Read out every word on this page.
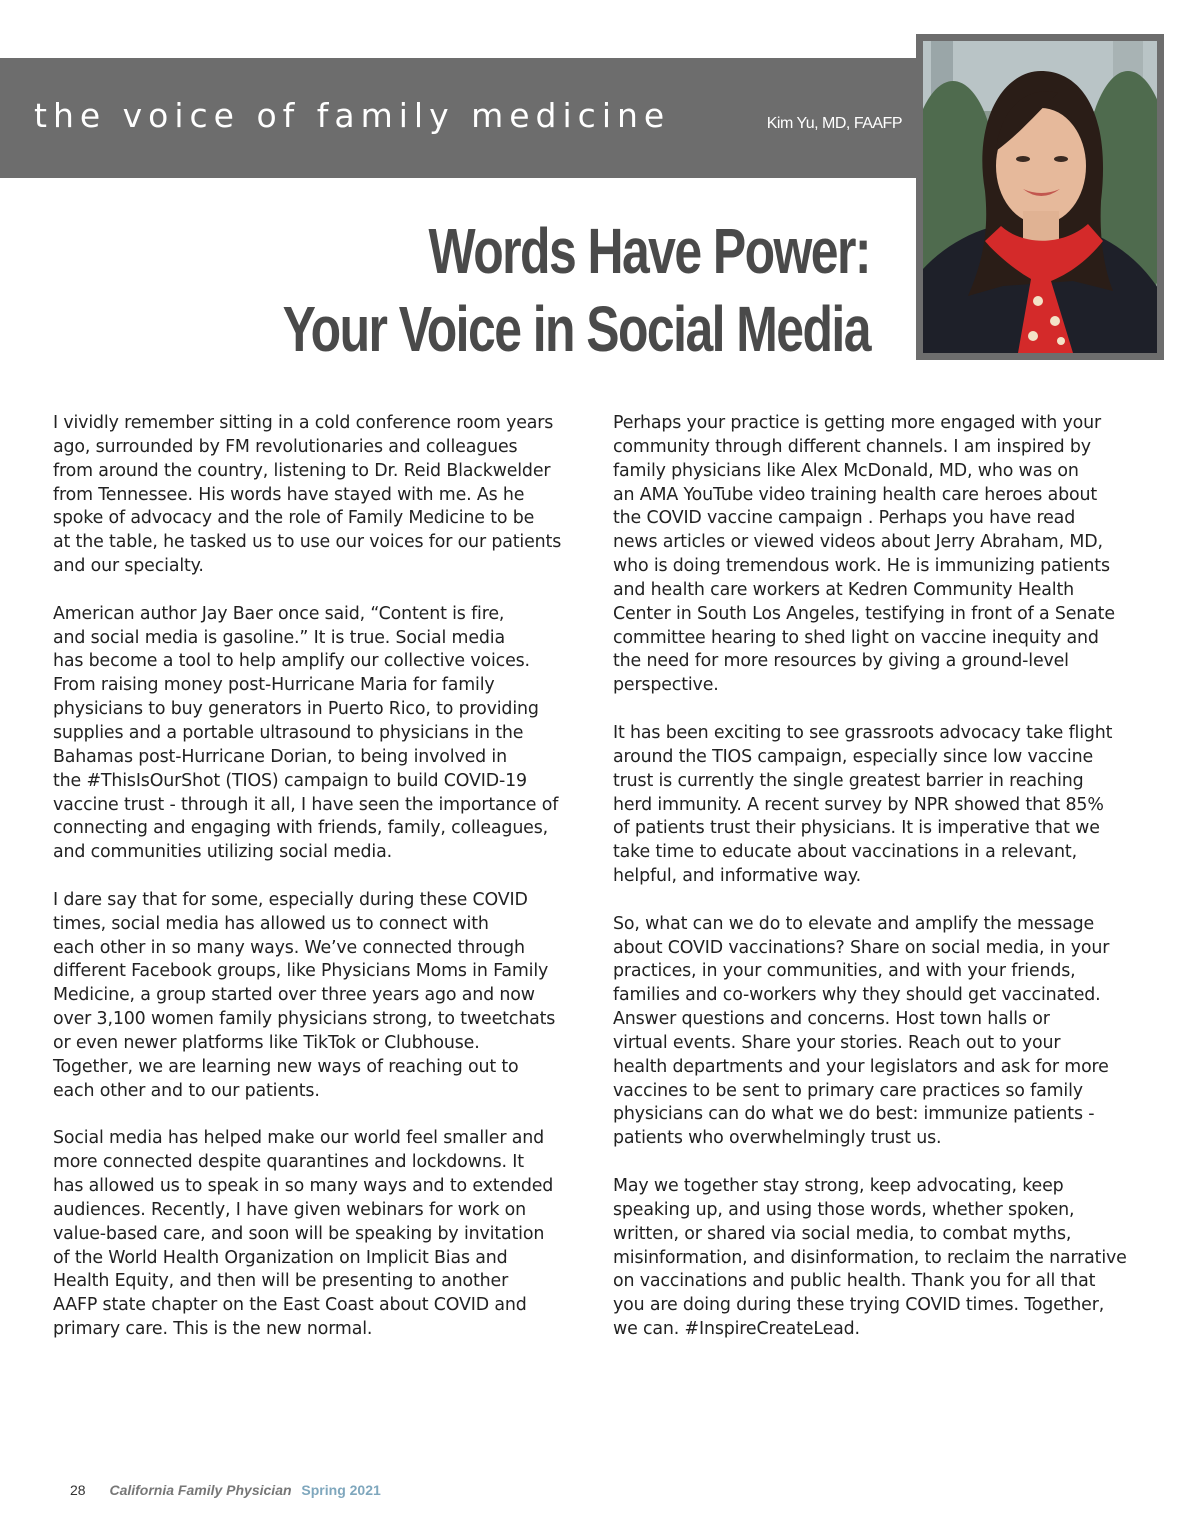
the voice of family medicine	Kim Yu, MD, FAAFP
Words Have Power:
Your Voice in Social Media

I vividly remember sitting in a cold conference room years
ago, surrounded by FM revolutionaries and colleagues
from around the country, listening to Dr. Reid Blackwelder
from Tennessee. His words have stayed with me. As he
spoke of advocacy and the role of Family Medicine to be
at the table, he tasked us to use our voices for our patients
and our specialty.

American author Jay Baer once said, “Content is fire,
and social media is gasoline.” It is true. Social media
has become a tool to help amplify our collective voices.
From raising money post-Hurricane Maria for family
physicians to buy generators in Puerto Rico, to providing
supplies and a portable ultrasound to physicians in the
Bahamas post-Hurricane Dorian, to being involved in
the #ThisIsOurShot (TIOS) campaign to build COVID-19
vaccine trust - through it all, I have seen the importance of
connecting and engaging with friends, family, colleagues,
and communities utilizing social media.

I dare say that for some, especially during these COVID
times, social media has allowed us to connect with
each other in so many ways. We’ve connected through
different Facebook groups, like Physicians Moms in Family
Medicine, a group started over three years ago and now
over 3,100 women family physicians strong, to tweetchats
or even newer platforms like TikTok or Clubhouse.
Together, we are learning new ways of reaching out to
each other and to our patients.

Social media has helped make our world feel smaller and
more connected despite quarantines and lockdowns. It
has allowed us to speak in so many ways and to extended
audiences. Recently, I have given webinars for work on
value-based care, and soon will be speaking by invitation
of the World Health Organization on Implicit Bias and
Health Equity, and then will be presenting to another
AAFP state chapter on the East Coast about COVID and
primary care. This is the new normal.

Perhaps your practice is getting more engaged with your
community through different channels. I am inspired by
family physicians like Alex McDonald, MD, who was on
an AMA YouTube video training health care heroes about
the COVID vaccine campaign . Perhaps you have read
news articles or viewed videos about Jerry Abraham, MD,
who is doing tremendous work. He is immunizing patients
and health care workers at Kedren Community Health
Center in South Los Angeles, testifying in front of a Senate
committee hearing to shed light on vaccine inequity and
the need for more resources by giving a ground-level
perspective.

It has been exciting to see grassroots advocacy take flight
around the TIOS campaign, especially since low vaccine
trust is currently the single greatest barrier in reaching
herd immunity. A recent survey by NPR showed that 85%
of patients trust their physicians. It is imperative that we
take time to educate about vaccinations in a relevant,
helpful, and informative way.

So, what can we do to elevate and amplify the message
about COVID vaccinations? Share on social media, in your
practices, in your communities, and with your friends,
families and co-workers why they should get vaccinated.
Answer questions and concerns. Host town halls or
virtual events. Share your stories. Reach out to your
health departments and your legislators and ask for more
vaccines to be sent to primary care practices so family
physicians can do what we do best: immunize patients -
patients who overwhelmingly trust us.

May we together stay strong, keep advocating, keep
speaking up, and using those words, whether spoken,
written, or shared via social media, to combat myths,
misinformation, and disinformation, to reclaim the narrative
on vaccinations and public health. Thank you for all that
you are doing during these trying COVID times. Together,
we can. #InspireCreateLead.

28 California Family Physician Spring 2021
